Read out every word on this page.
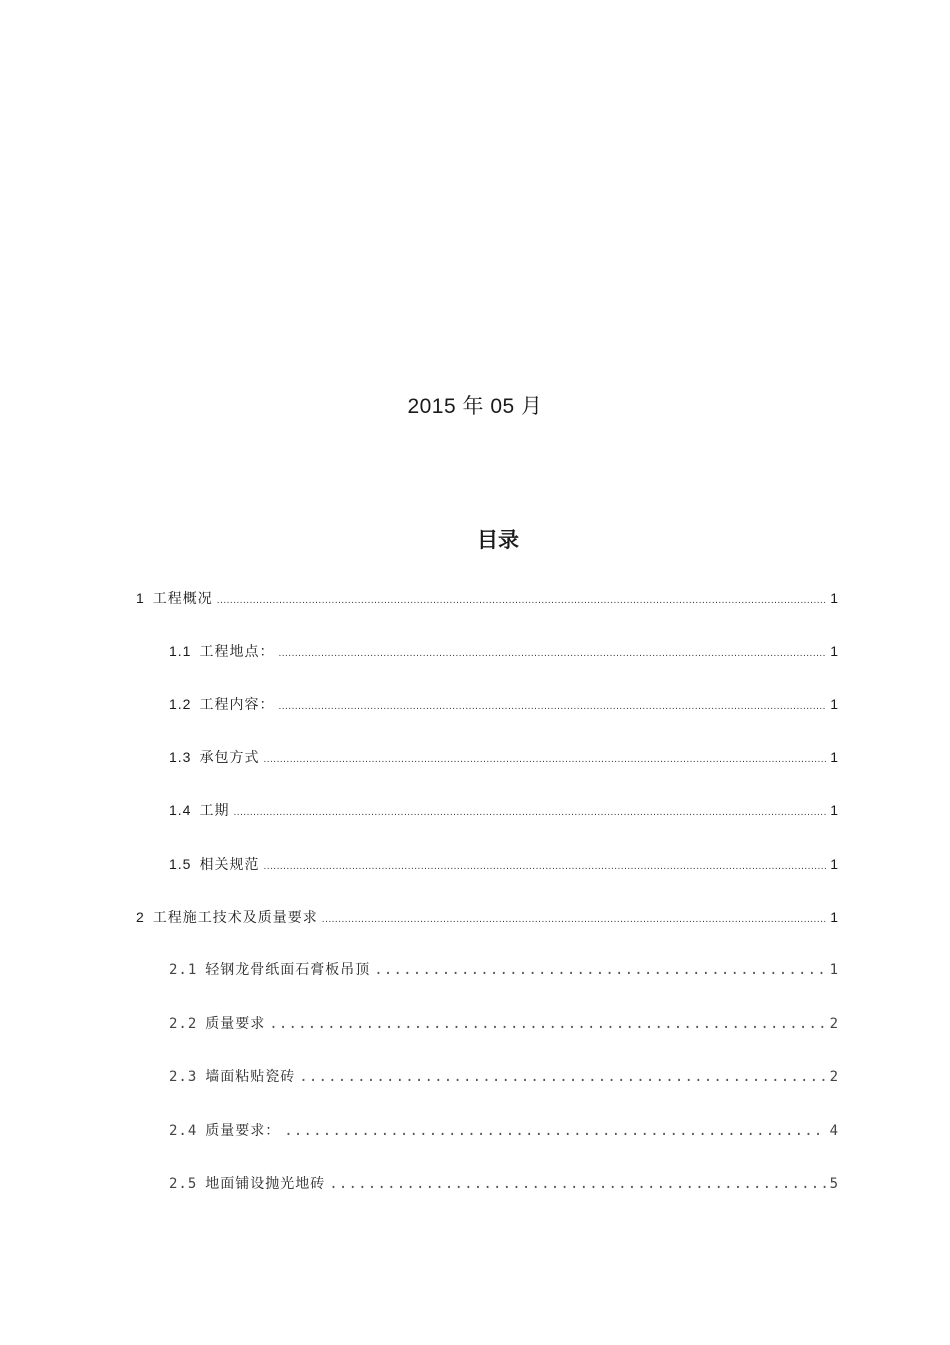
2015 年 05 月
目录
1 工程概况 .....	1
1.1 工程地点： .....	1
1.2 工程内容： .....	1
1.3 承包方式 .....	1
1.4 工期 .....	1
1.5 相关规范 .....	1
2 工程施工技术及质量要求 .....	1
2.1 轻钢龙骨纸面石膏板吊顶 .....	1
2.2 质量要求 .....	2
2.3 墙面粘贴瓷砖 .....	2
2.4 质量要求： .....	4
2.5 地面铺设抛光地砖 .....	5
